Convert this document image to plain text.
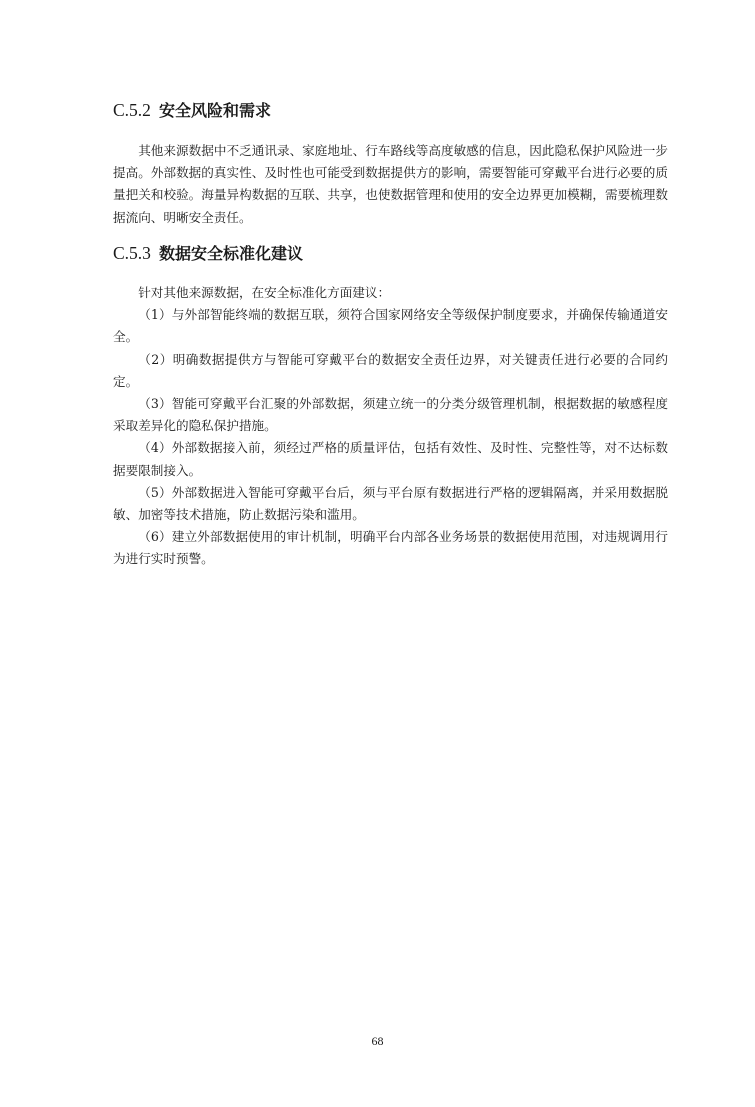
C.5.2 安全风险和需求

其他来源数据中不乏通讯录、家庭地址、行车路线等高度敏感的信息，因此隐私保护风险进一步提高。外部数据的真实性、及时性也可能受到数据提供方的影响，需要智能可穿戴平台进行必要的质量把关和校验。海量异构数据的互联、共享，也使数据管理和使用的安全边界更加模糊，需要梳理数据流向、明晰安全责任。

C.5.3 数据安全标准化建议

针对其他来源数据，在安全标准化方面建议：

（1）与外部智能终端的数据互联，须符合国家网络安全等级保护制度要求，并确保传输通道安全。

（2）明确数据提供方与智能可穿戴平台的数据安全责任边界，对关键责任进行必要的合同约定。

（3）智能可穿戴平台汇聚的外部数据，须建立统一的分类分级管理机制，根据数据的敏感程度采取差异化的隐私保护措施。

（4）外部数据接入前，须经过严格的质量评估，包括有效性、及时性、完整性等，对不达标数据要限制接入。

（5）外部数据进入智能可穿戴平台后，须与平台原有数据进行严格的逻辑隔离，并采用数据脱敏、加密等技术措施，防止数据污染和滥用。

（6）建立外部数据使用的审计机制，明确平台内部各业务场景的数据使用范围，对违规调用行为进行实时预警。

68
